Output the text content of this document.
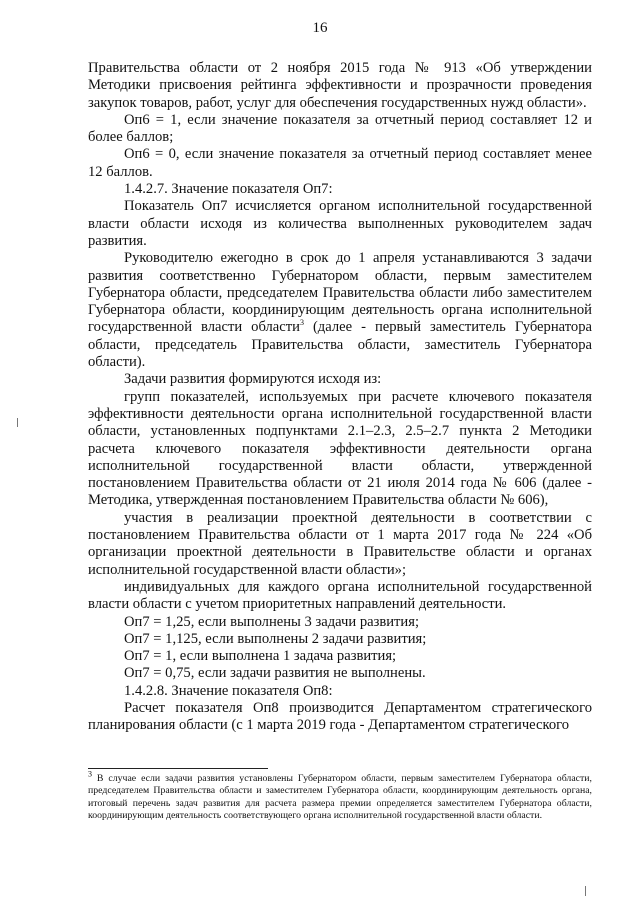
16

Правительства области от 2 ноября 2015 года № 913 «Об утверждении Методики присвоения рейтинга эффективности и прозрачности проведения закупок товаров, работ, услуг для обеспечения государственных нужд области».

Оп6 = 1, если значение показателя за отчетный период составляет 12 и более баллов;

Оп6 = 0, если значение показателя за отчетный период составляет менее 12 баллов.

1.4.2.7. Значение показателя Оп7:

Показатель Оп7 исчисляется органом исполнительной государственной власти области исходя из количества выполненных руководителем задач развития.

Руководителю ежегодно в срок до 1 апреля устанавливаются 3 задачи развития соответственно Губернатором области, первым заместителем Губернатора области, председателем Правительства области либо заместителем Губернатора области, координирующим деятельность органа исполнительной государственной власти области$^3$ (далее - первый заместитель Губернатора области, председатель Правительства области, заместитель Губернатора области).

Задачи развития формируются исходя из:

групп показателей, используемых при расчете ключевого показателя эффективности деятельности органа исполнительной государственной власти области, установленных подпунктами 2.1–2.3, 2.5–2.7 пункта 2 Методики расчета ключевого показателя эффективности деятельности органа исполнительной государственной власти области, утвержденной постановлением Правительства области от 21 июля 2014 года № 606 (далее - Методика, утвержденная постановлением Правительства области № 606),

участия в реализации проектной деятельности в соответствии с постановлением Правительства области от 1 марта 2017 года № 224 «Об организации проектной деятельности в Правительстве области и органах исполнительной государственной власти области»;

индивидуальных для каждого органа исполнительной государственной власти области с учетом приоритетных направлений деятельности.

Оп7 = 1,25, если выполнены 3 задачи развития;

Оп7 = 1,125, если выполнены 2 задачи развития;

Оп7 = 1, если выполнена 1 задача развития;

Оп7 = 0,75, если задачи развития не выполнены.

1.4.2.8. Значение показателя Оп8:

Расчет показателя Оп8 производится Департаментом стратегического планирования области (с 1 марта 2019 года - Департаментом стратегического

$^3$ В случае если задачи развития установлены Губернатором области, первым заместителем Губернатора области, председателем Правительства области и заместителем Губернатора области, координирующим деятельность органа, итоговый перечень задач развития для расчета размера премии определяется заместителем Губернатора области, координирующим деятельность соответствующего органа исполнительной государственной власти области.
